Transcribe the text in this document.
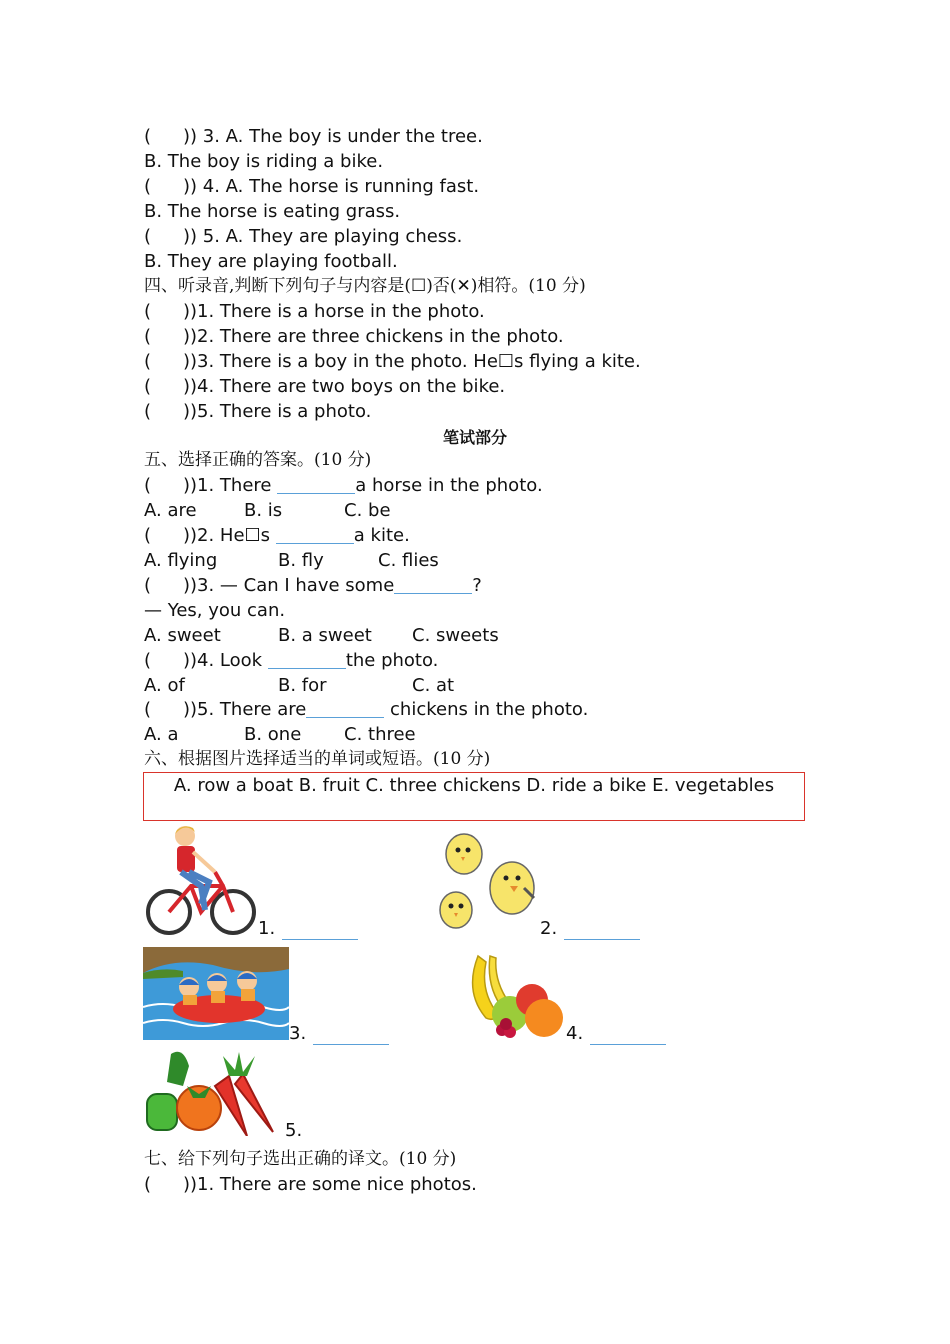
(  )) 3. A. The boy is under the tree.
B. The boy is riding a bike.
(  )) 4. A. The horse is running fast.
B. The horse is eating grass.
(  )) 5. A. They are playing chess.
B. They are playing football.
四、听录音,判断下列句子与内容是(☐)否(✕)相符。(10 分)
(  ))1. There is a horse in the photo.
(  ))2. There are three chickens in the photo.
(  ))3. There is a boy in the photo. He☐s flying a kite.
(  ))4. There are two boys on the bike.
(  ))5. There is a photo.
笔试部分
五、选择正确的答案。(10 分)
(  ))1. There	a horse in the photo.
A. are	B. is	C. be
(  ))2. He☐s	a kite.
A. flying	B. fly	C. flies
(  ))3. — Can I have some	?
— Yes, you can.
A. sweet	B. a sweet C. sweets
(  ))4. Look	the photo.
A. of	B. for	C. at
(  ))5. There are	chickens in the photo.
A. a	B. one C. three
六、根据图片选择适当的单词或短语。(10 分)
A. row a boat B. fruit C. three chickens D. ride a bike E. vegetables
1.	2.
3.	4.
5.
七、给下列句子选出正确的译文。(10 分)
(  ))1. There are some nice photos.
